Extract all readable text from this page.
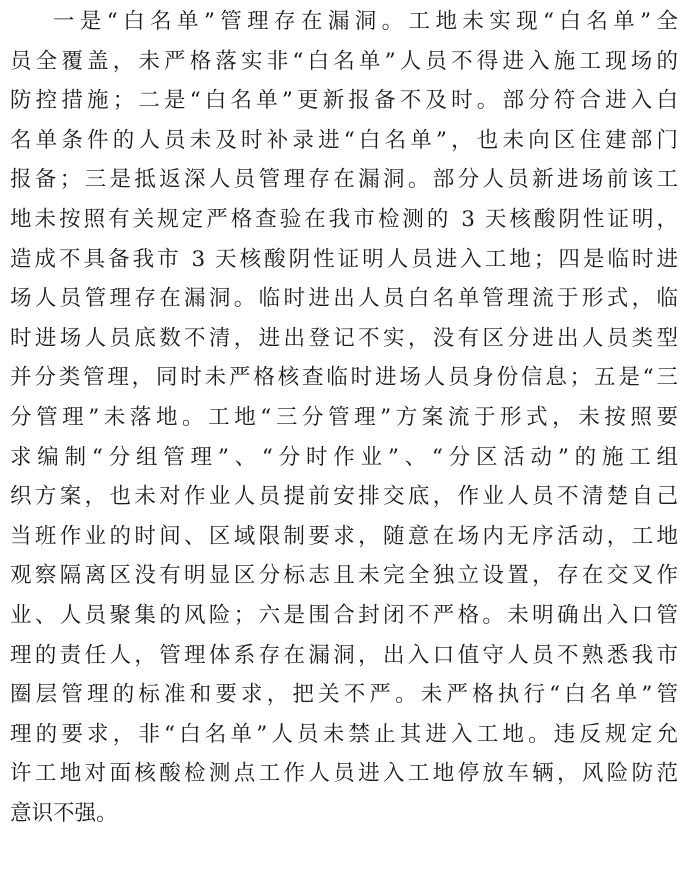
一是“白名单”管理存在漏洞。工地未实现“白名单”全
员全覆盖，未严格落实非“白名单”人员不得进入施工现场的
防控措施；二是“白名单”更新报备不及时。部分符合进入白
名单条件的人员未及时补录进“白名单”，也未向区住建部门
报备；三是抵返深人员管理存在漏洞。部分人员新进场前该工
地未按照有关规定严格查验在我市检测的 3 天核酸阴性证明，
造成不具备我市 3 天核酸阴性证明人员进入工地；四是临时进
场人员管理存在漏洞。临时进出人员白名单管理流于形式，临
时进场人员底数不清，进出登记不实，没有区分进出人员类型
并分类管理，同时未严格核查临时进场人员身份信息；五是“三
分管理”未落地。工地“三分管理”方案流于形式，未按照要
求编制“分组管理”、“分时作业”、“分区活动”的施工组
织方案，也未对作业人员提前安排交底，作业人员不清楚自己
当班作业的时间、区域限制要求，随意在场内无序活动，工地
观察隔离区没有明显区分标志且未完全独立设置，存在交叉作
业、人员聚集的风险；六是围合封闭不严格。未明确出入口管
理的责任人，管理体系存在漏洞，出入口值守人员不熟悉我市
圈层管理的标准和要求，把关不严。未严格执行“白名单”管
理的要求，非“白名单”人员未禁止其进入工地。违反规定允
许工地对面核酸检测点工作人员进入工地停放车辆，风险防范
意识不强。
